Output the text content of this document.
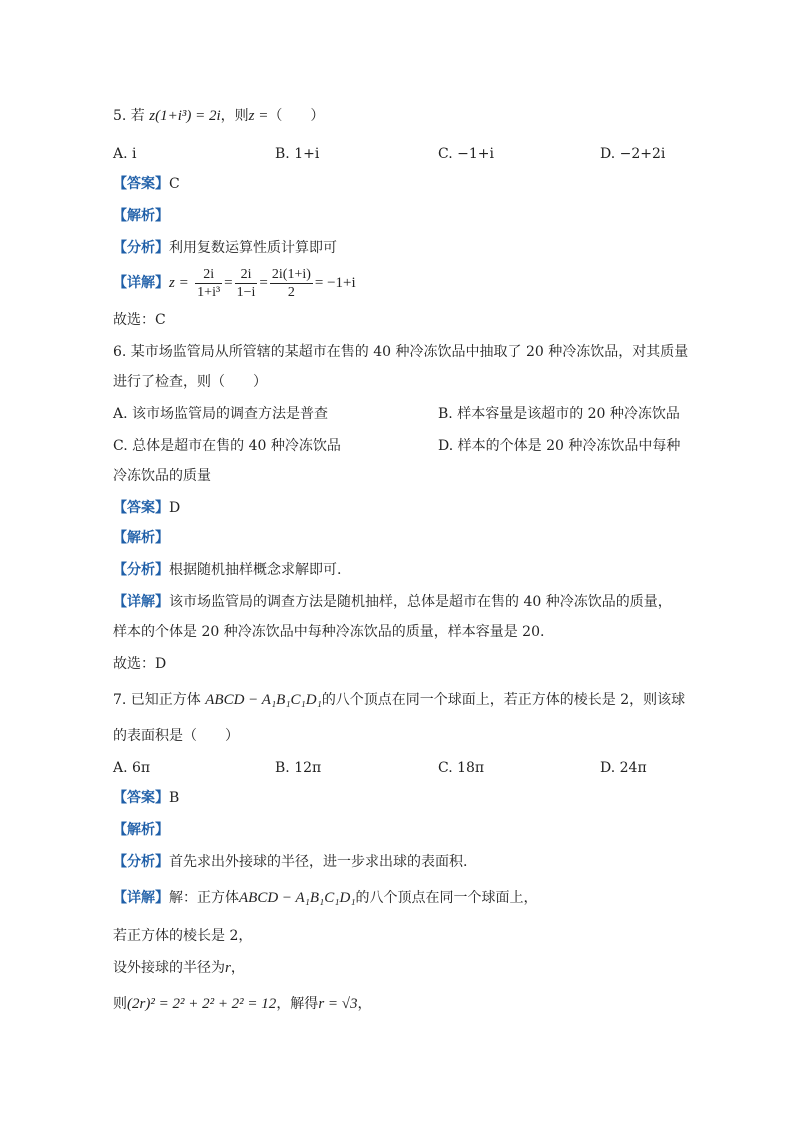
5. 若 z(1+i³) = 2i，则z =（　　）
A. i	B. 1+i	C. −1+i	D. −2+2i
【答案】C
【解析】
【分析】利用复数运算性质计算即可
【详解】$z = \frac{2i}{\text{1+i³}} = \frac{2i}{1-i} = \frac{2i(1+i)}{2} = -1+i$
故选：C
6. 某市场监管局从所管辖的某超市在售的 40 种冷冻饮品中抽取了 20 种冷冻饮品，对其质量
进行了检查，则（　　）
A. 该市场监管局的调查方法是普查	B. 样本容量是该超市的 20 种冷冻饮品
C. 总体是超市在售的 40 种冷冻饮品	D. 样本的个体是 20 种冷冻饮品中每种
冷冻饮品的质量
【答案】D
【解析】
【分析】根据随机抽样概念求解即可.
【详解】该市场监管局的调查方法是随机抽样，总体是超市在售的 40 种冷冻饮品的质量，
样本的个体是 20 种冷冻饮品中每种冷冻饮品的质量，样本容量是 20.
故选：D
7. 已知正方体 ABCD − A₁B₁C₁D₁的八个顶点在同一个球面上，若正方体的棱长是 2，则该球
的表面积是（　　）
A. 6π	B. 12π	C. 18π	D. 24π
【答案】B
【解析】
【分析】首先求出外接球的半径，进一步求出球的表面积.
【详解】解：正方体ABCD − A₁B₁C₁D₁的八个顶点在同一个球面上，
若正方体的棱长是 2，
设外接球的半径为r，
则(2r)² = 2² + 2² + 2² = 12，解得r = √3，
